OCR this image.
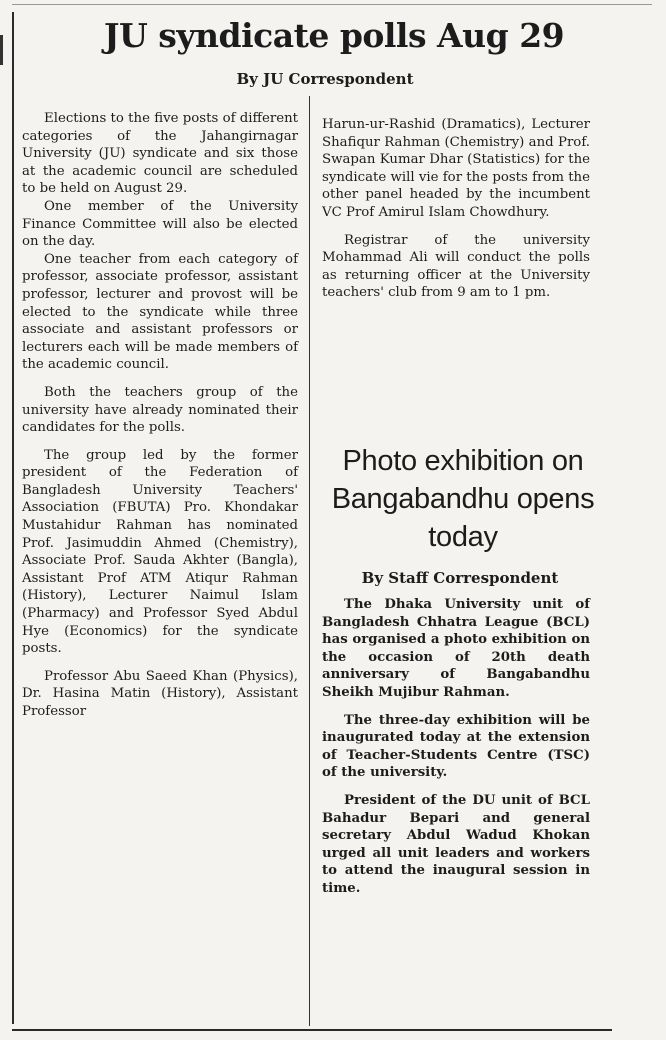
JU syndicate polls Aug 29
By JU Correspondent

Elections to the five posts of different categories of the Jahangirnagar University (JU) syndicate and six those at the academic council are scheduled to be held on August 29.

One member of the University Finance Committee will also be elected on the day.

One teacher from each category of professor, associate professor, assistant professor, lecturer and provost will be elected to the syndicate while three associate and assistant professors or lecturers each will be made members of the academic council.

Both the teachers group of the university have already nominated their candidates for the polls.

The group led by the former president of the Federation of Bangladesh University Teachers' Association (FBUTA) Pro. Khondakar Mustahidur Rahman has nominated Prof. Jasimuddin Ahmed (Chemistry), Associate Prof. Sauda Akhter (Bangla), Assistant Prof ATM Atiqur Rahman (History), Lecturer Naimul Islam (Pharmacy) and Professor Syed Abdul Hye (Economics) for the syndicate posts.

Professor Abu Saeed Khan (Physics), Dr. Hasina Matin (History), Assistant Professor

Harun-ur-Rashid (Dramatics), Lecturer Shafiqur Rahman (Chemistry) and Prof. Swapan Kumar Dhar (Statistics) for the syndicate will vie for the posts from the other panel headed by the incumbent VC Prof Amirul Islam Chowdhury.

Registrar of the university Mohammad Ali will conduct the polls as returning officer at the University teachers' club from 9 am to 1 pm.

Photo exhibition on Bangabandhu opens today
By Staff Correspondent

The Dhaka University unit of Bangladesh Chhatra League (BCL) has organised a photo exhibition on the occasion of 20th death anniversary of Bangabandhu Sheikh Mujibur Rahman.

The three-day exhibition will be inaugurated today at the extension of Teacher-Students Centre (TSC) of the university.

President of the DU unit of BCL Bahadur Bepari and general secretary Abdul Wadud Khokan urged all unit leaders and workers to attend the inaugural session in time.
